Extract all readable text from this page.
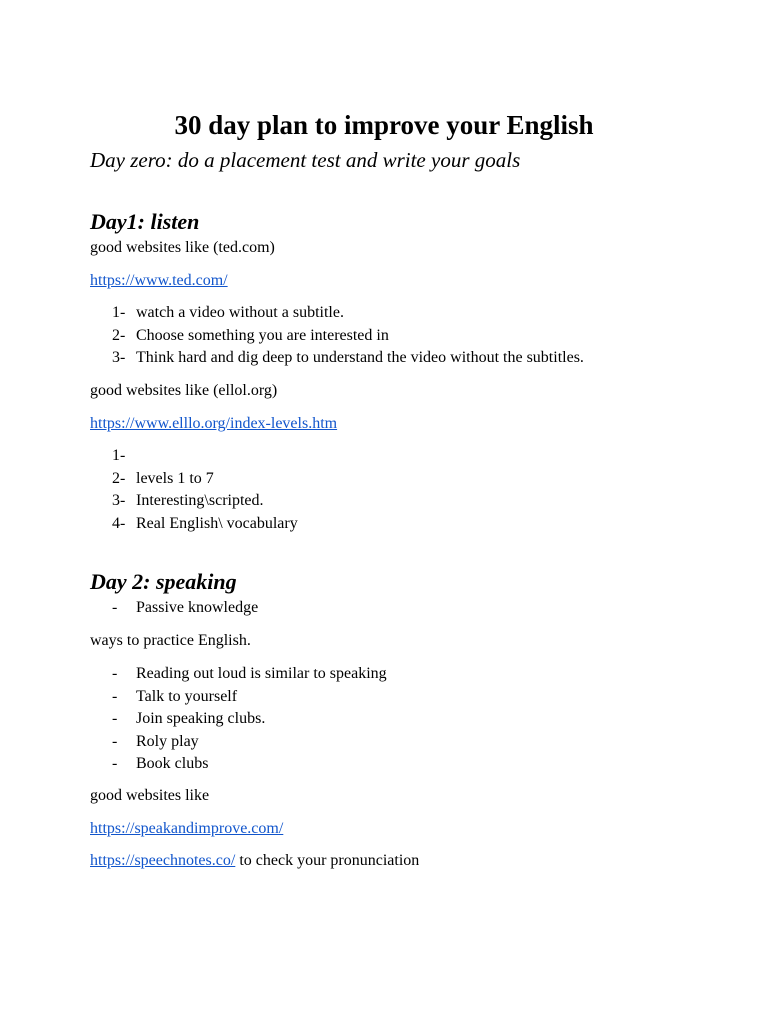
30 day plan to improve your English

Day zero: do a placement test and write your goals

Day1: listen

good websites like (ted.com)

https://www.ted.com/

1- watch a video without a subtitle.
2- Choose something you are interested in
3- Think hard and dig deep to understand the video without the subtitles.

good websites like (ellol.org)

https://www.elllo.org/index-levels.htm

1-

2- levels 1 to 7
3- Interesting\scripted.
4- Real English\ vocabulary
Day 2: speaking
- Passive knowledge

ways to practice English.

- Reading out loud is similar to speaking
- Talk to yourself
- Join speaking clubs.
- Roly play
- Book clubs

good websites like

https://speakandimprove.com/

https://speechnotes.co/ to check your pronunciation
